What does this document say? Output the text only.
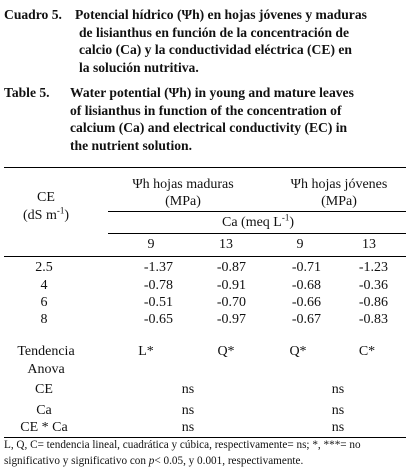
Cuadro 5. Potencial hídrico (Ψh) en hojas jóvenes y maduras
de lisianthus en función de la concentración de
calcio (Ca) y la conductividad eléctrica (CE) en
la solución nutritiva.
Table 5. Water potential (Ψh) in young and mature leaves
of lisianthus in function of the concentration of
calcium (Ca) and electrical conductivity (EC) in
the nutrient solution.
CE
(dS $m^{-1}$)
Ψh hojas maduras
(MPa)
Ψh hojas jóvenes
(MPa)
Ca (meq $L^{-1}$)
9	13	9	13
2.5	-1.37	-0.87	-0.71	-1.23
4	-0.78	-0.91	-0.68	-0.36
6	-0.51	-0.70	-0.66	-0.86
8	-0.65	-0.97	-0.67	-0.83
Tendencia
Anova
L*	Q*	Q*	C*
CE	ns	ns
Ca	ns	ns
CE * Ca	ns	ns
L, Q, C= tendencia lineal, cuadrática y cúbica, respectivamente= ns; *, ***= no
significativo y significativo con p< 0.05, y 0.001, respectivamente.
